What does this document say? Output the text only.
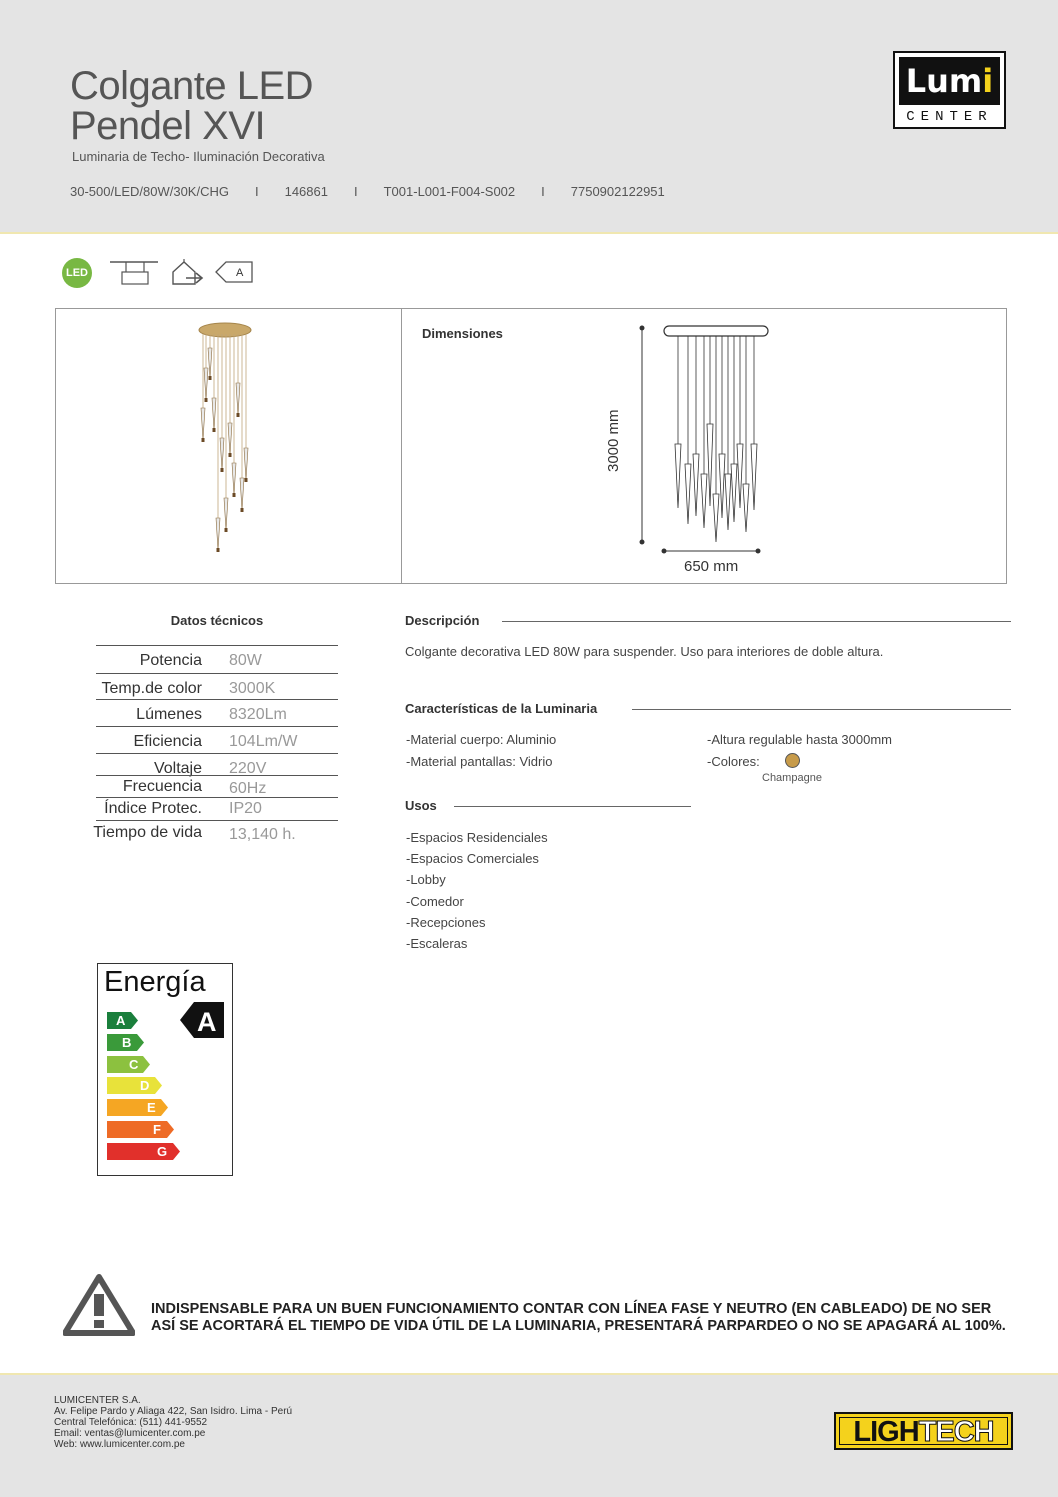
Colgante LED
Pendel XVI
Luminaria de Techo- Iluminación Decorativa
30-500/LED/80W/30K/CHG I 146861 I T001-L001-F004-S002 I 7750902122951
Lumi
CENTER
LED	A
Dimensiones
3000 mm
650 mm
Datos técnicos
Potencia 80W
Temp.de color 3000K
Lúmenes 8320Lm
Eficiencia 104Lm/W
Voltaje 220V
Frecuencia 60Hz
Índice Protec. IP20
Tiempo de vida 13,140 h.
Descripción
Colgante decorativa LED 80W para suspender. Uso para interiores de doble altura.
Características de la Luminaria
-Material cuerpo: Aluminio
-Material pantallas: Vidrio
-Altura regulable hasta 3000mm
-Colores:
Champagne
Usos
-Espacios Residenciales
-Espacios Comerciales
-Lobby
-Comedor
-Recepciones
-Escaleras
Energía
A
A
B
C
D
E
F
G
INDISPENSABLE PARA UN BUEN FUNCIONAMIENTO CONTAR CON LÍNEA FASE Y NEUTRO (EN CABLEADO) DE NO SER ASÍ SE ACORTARÁ EL TIEMPO DE VIDA ÚTIL DE LA LUMINARIA, PRESENTARÁ PARPARDEO O NO SE APAGARÁ AL 100%.
LUMICENTER S.A.
Av. Felipe Pardo y Aliaga 422, San Isidro. Lima - Perú
Central Telefónica: (511) 441-9552
Email: ventas@lumicenter.com.pe
Web: www.lumicenter.com.pe	LIGHTECH
